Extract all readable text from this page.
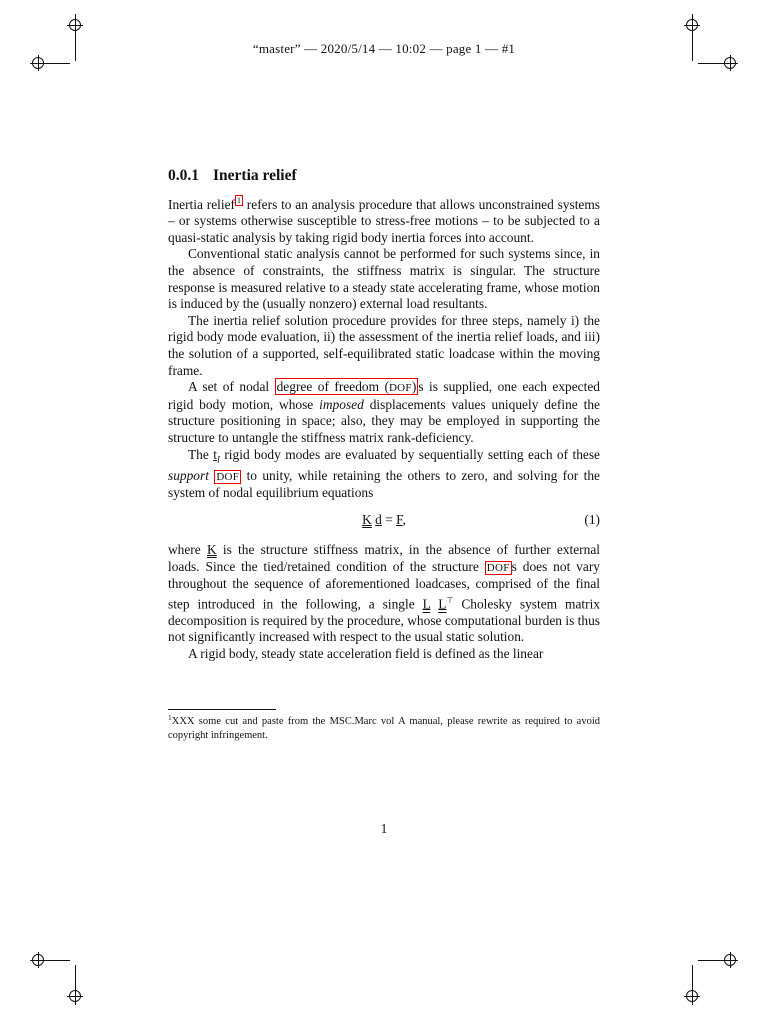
“master” — 2020/5/14 — 10:02 — page 1 — #1
0.0.1 Inertia relief

Inertia relief $^1$ refers to an analysis procedure that allows unconstrained systems – or systems otherwise susceptible to stress-free motions – to be subjected to a quasi-static analysis by taking rigid body inertia forces into account.

Conventional static analysis cannot be performed for such systems since, in the absence of constraints, the stiffness matrix is singular. The structure response is measured relative to a steady state accelerating frame, whose motion is induced by the (usually nonzero) external load resultants.

The inertia relief solution procedure provides for three steps, namely i) the rigid body mode evaluation, ii) the assessment of the inertia relief loads, and iii) the solution of a supported, self-equilibrated static loadcase within the moving frame.

A set of nodal degree of freedom (DOF) s is supplied, one each expected rigid body motion, whose imposed displacements values uniquely define the structure positioning in space; also, they may be employed in supporting the structure to untangle the stiffness matrix rank-deficiency.

The $t_I$ rigid body modes are evaluated by sequentially setting each of these support DOF to unity, while retaining the others to zero, and solving for the system of nodal equilibrium equations

K d = F,	(1)

where K is the structure stiffness matrix, in the absence of further external loads. Since the tied/retained condition of the structure DOF s does not vary throughout the sequence of aforementioned loadcases, comprised of the final step introduced in the following, a single L L⊤ Cholesky system matrix decomposition is required by the procedure, whose computational burden is thus not significantly increased with respect to the usual static solution.

A rigid body, steady state acceleration field is defined as the linear

$^1$XXX some cut and paste from the MSC.Marc vol A manual, please rewrite as required to avoid copyright infringement.
1
